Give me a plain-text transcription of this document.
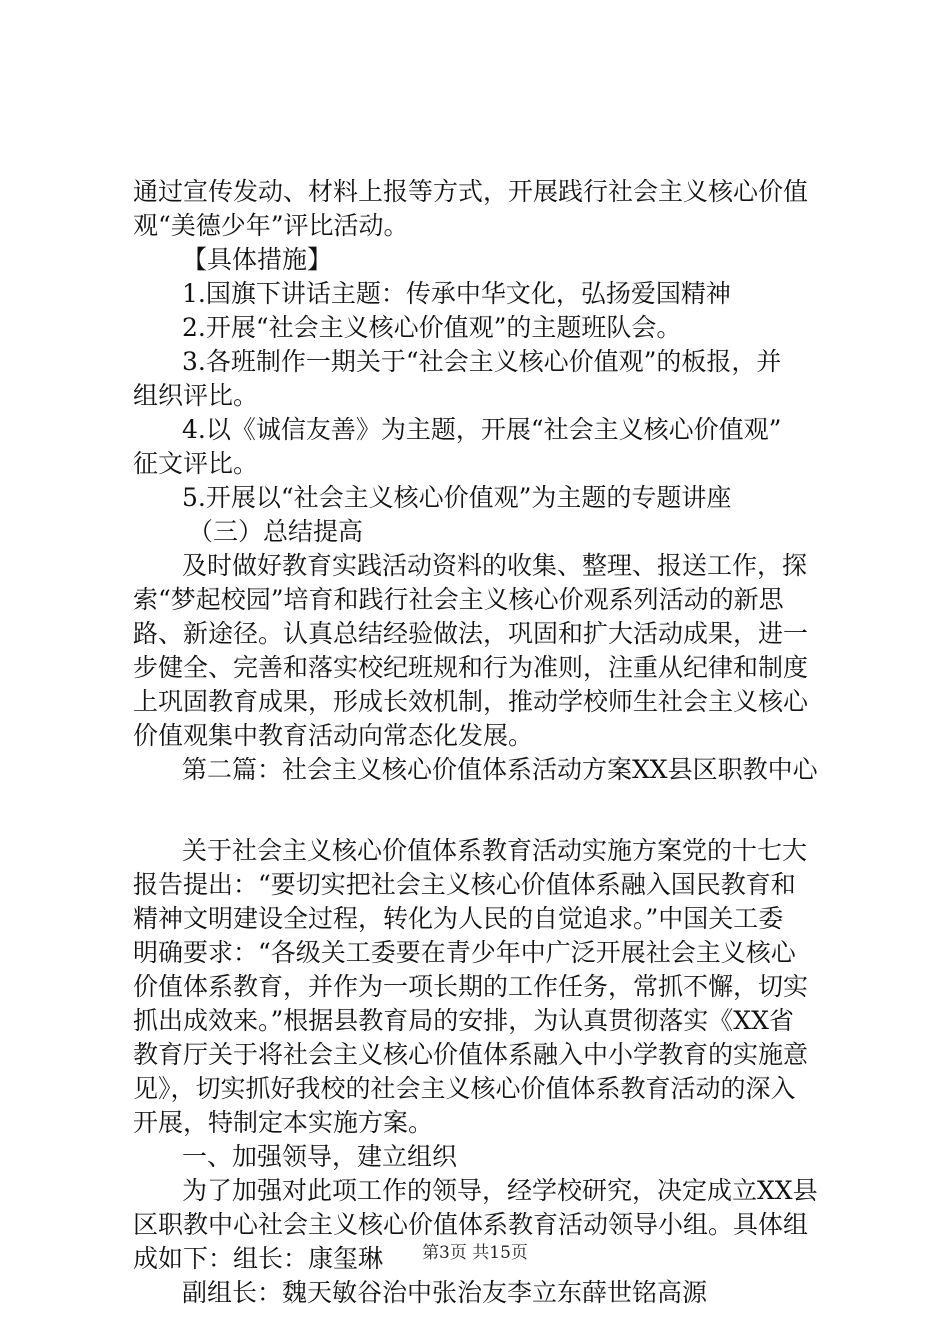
通过宣传发动、材料上报等方式，开展践行社会主义核心价值
观“美德少年”评比活动。
【具体措施】
1.国旗下讲话主题：传承中华文化，弘扬爱国精神
2.开展“社会主义核心价值观”的主题班队会。
3.各班制作一期关于“社会主义核心价值观”的板报，并
组织评比。
4.以《诚信友善》为主题，开展“社会主义核心价值观”
征文评比。
5.开展以“社会主义核心价值观”为主题的专题讲座
（三）总结提高
及时做好教育实践活动资料的收集、整理、报送工作，探
索“梦起校园”培育和践行社会主义核心价观系列活动的新思
路、新途径。认真总结经验做法，巩固和扩大活动成果，进一
步健全、完善和落实校纪班规和行为准则，注重从纪律和制度
上巩固教育成果，形成长效机制，推动学校师生社会主义核心
价值观集中教育活动向常态化发展。
第二篇：社会主义核心价值体系活动方案XX县区职教中心
关于社会主义核心价值体系教育活动实施方案党的十七大
报告提出：“要切实把社会主义核心价值体系融入国民教育和
精神文明建设全过程，转化为人民的自觉追求。”中国关工委
明确要求：“各级关工委要在青少年中广泛开展社会主义核心
价值体系教育，并作为一项长期的工作任务，常抓不懈，切实
抓出成效来。”根据县教育局的安排，为认真贯彻落实《XX省
教育厅关于将社会主义核心价值体系融入中小学教育的实施意
见》，切实抓好我校的社会主义核心价值体系教育活动的深入
开展，特制定本实施方案。
一、加强领导，建立组织
为了加强对此项工作的领导，经学校研究，决定成立XX县
区职教中心社会主义核心价值体系教育活动领导小组。具体组
成如下：组长：康玺琳
副组长：魏天敏谷治中张治友李立东薛世铭高源
第3页 共15页
